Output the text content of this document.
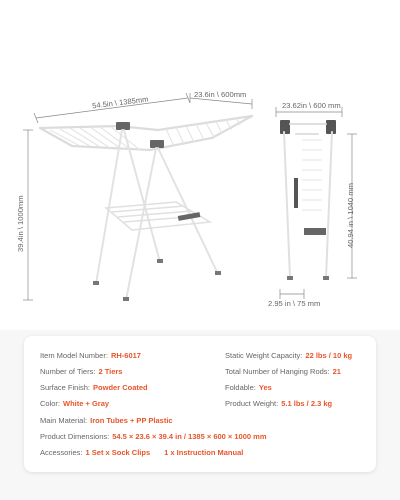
54.5in \ 1385mm
23.6in \ 600mm
39.4in \ 1000mm
23.62in \ 600 mm
40.94 in \ 1040 mm
2.95 in \ 75 mm
Item Model Number: RH-6017
Number of Tiers: 2 Tiers
Surface Finish: Powder Coated
Color: White + Gray
Main Material: Iron Tubes + PP Plastic
Product Dimensions: 54.5 × 23.6 × 39.4 in / 1385 × 600 × 1000 mm
Accessories: 1 Set x Sock Clips 1 x Instruction Manual
Static Weight Capacity: 22 lbs / 10 kg
Total Number of Hanging Rods: 21
Foldable: Yes
Product Weight: 5.1 lbs / 2.3 kg
